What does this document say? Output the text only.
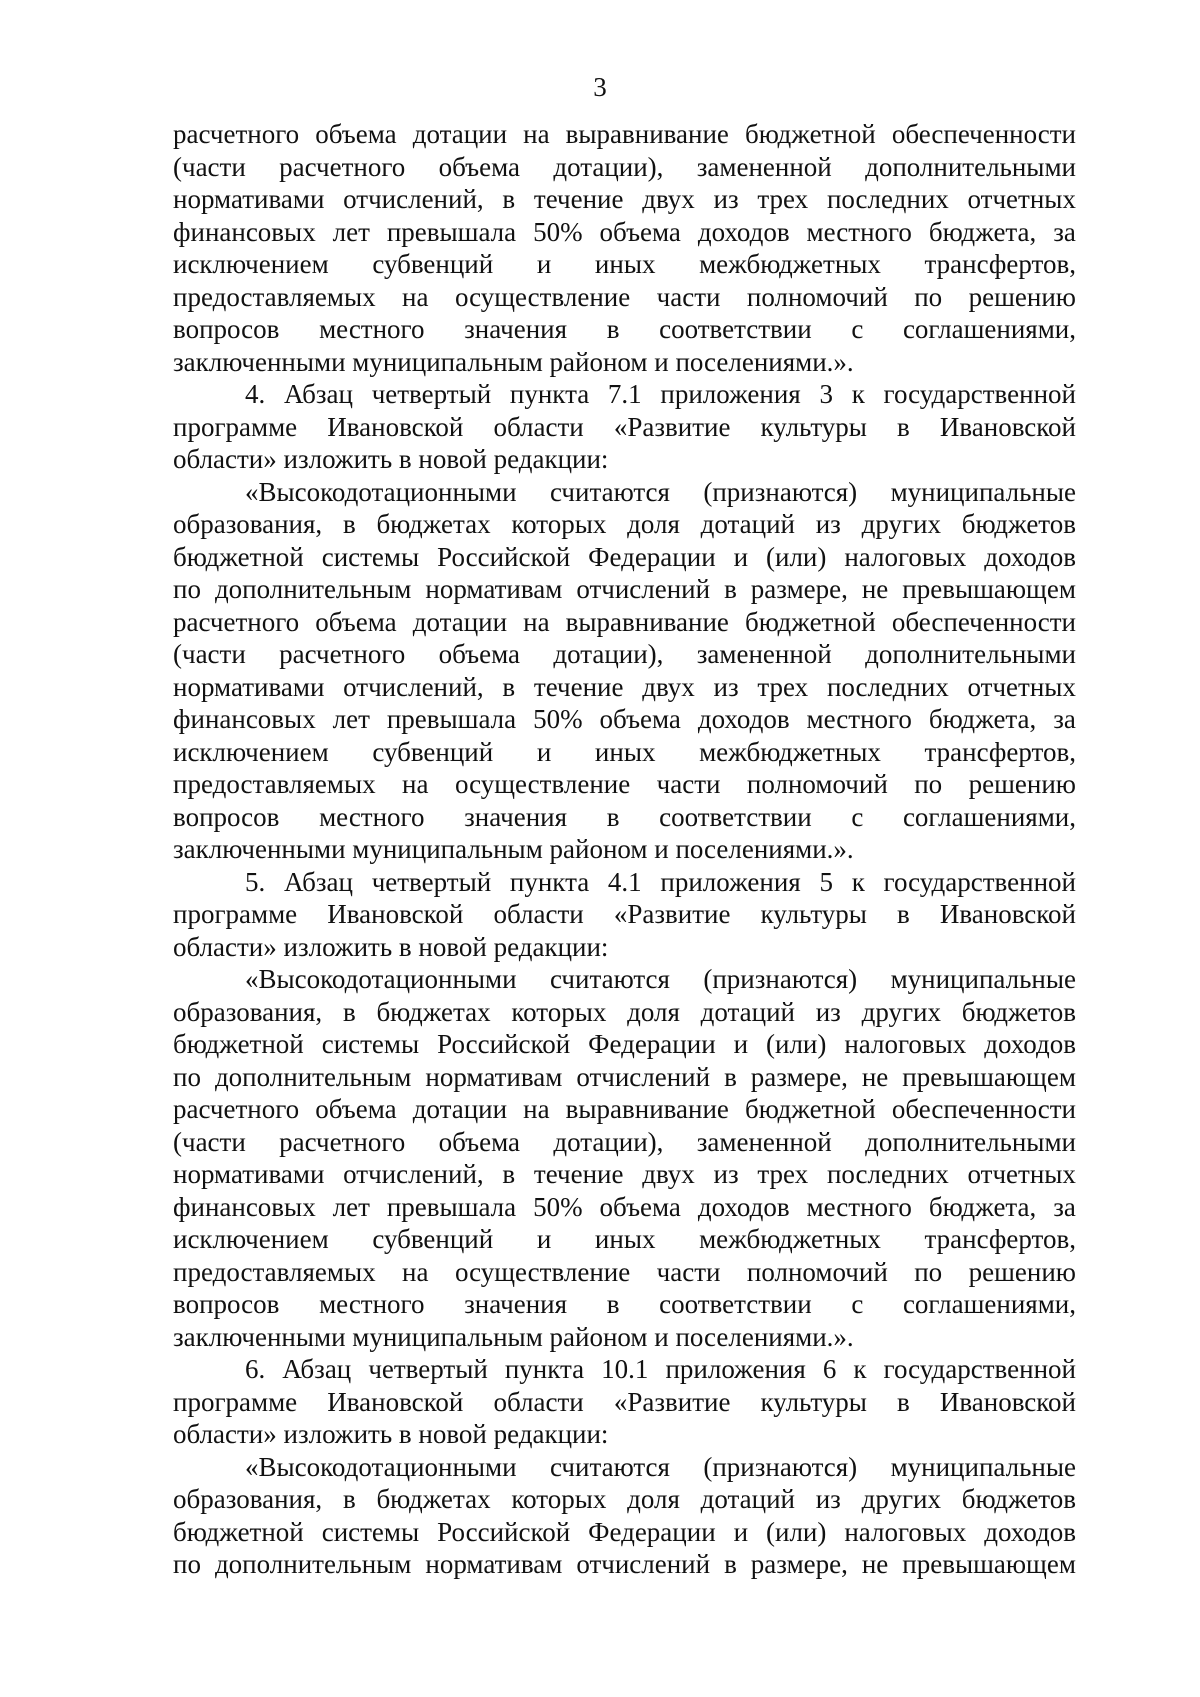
3
расчетного объема дотации на выравнивание бюджетной обеспеченности
(части расчетного объема дотации), замененной дополнительными
нормативами отчислений, в течение двух из трех последних отчетных
финансовых лет превышала 50% объема доходов местного бюджета, за
исключением субвенций и иных межбюджетных трансфертов,
предоставляемых на осуществление части полномочий по решению
вопросов местного значения в соответствии с соглашениями,
заключенными муниципальным районом и поселениями.».
4. Абзац четвертый пункта 7.1 приложения 3 к государственной
программе Ивановской области «Развитие культуры в Ивановской
области» изложить в новой редакции:
«Высокодотационными считаются (признаются) муниципальные
образования, в бюджетах которых доля дотаций из других бюджетов
бюджетной системы Российской Федерации и (или) налоговых доходов
по дополнительным нормативам отчислений в размере, не превышающем
расчетного объема дотации на выравнивание бюджетной обеспеченности
(части расчетного объема дотации), замененной дополнительными
нормативами отчислений, в течение двух из трех последних отчетных
финансовых лет превышала 50% объема доходов местного бюджета, за
исключением субвенций и иных межбюджетных трансфертов,
предоставляемых на осуществление части полномочий по решению
вопросов местного значения в соответствии с соглашениями,
заключенными муниципальным районом и поселениями.».
5. Абзац четвертый пункта 4.1 приложения 5 к государственной
программе Ивановской области «Развитие культуры в Ивановской
области» изложить в новой редакции:
«Высокодотационными считаются (признаются) муниципальные
образования, в бюджетах которых доля дотаций из других бюджетов
бюджетной системы Российской Федерации и (или) налоговых доходов
по дополнительным нормативам отчислений в размере, не превышающем
расчетного объема дотации на выравнивание бюджетной обеспеченности
(части расчетного объема дотации), замененной дополнительными
нормативами отчислений, в течение двух из трех последних отчетных
финансовых лет превышала 50% объема доходов местного бюджета, за
исключением субвенций и иных межбюджетных трансфертов,
предоставляемых на осуществление части полномочий по решению
вопросов местного значения в соответствии с соглашениями,
заключенными муниципальным районом и поселениями.».
6. Абзац четвертый пункта 10.1 приложения 6 к государственной
программе Ивановской области «Развитие культуры в Ивановской
области» изложить в новой редакции:
«Высокодотационными считаются (признаются) муниципальные
образования, в бюджетах которых доля дотаций из других бюджетов
бюджетной системы Российской Федерации и (или) налоговых доходов
по дополнительным нормативам отчислений в размере, не превышающем
